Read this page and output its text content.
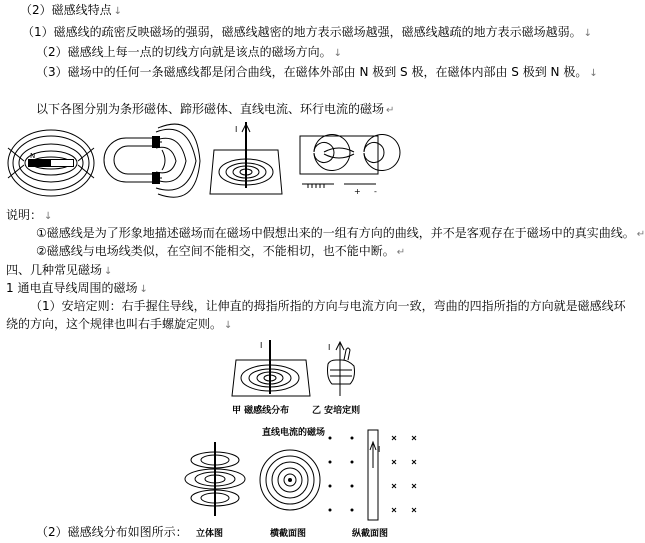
（2）磁感线特点 ↓
（1）磁感线的疏密反映磁场的强弱，磁感线越密的地方表示磁场越强，磁感线越疏的地方表示磁场越弱。 ↓
（2）磁感线上每一点的切线方向就是该点的磁场方向。 ↓
（3）磁场中的任何一条磁感线都是闭合曲线，在磁体外部由 N 极到 S 极，在磁体内部由 S 极到 N 极。 ↓
以下各图分别为条形磁体、蹄形磁体、直线电流、环行电流的磁场 ↵
说明： ↓
①磁感线是为了形象地描述磁场而在磁场中假想出来的一组有方向的曲线，并不是客观存在于磁场中的真实曲线。 ↵
②磁感线与电场线类似，在空间不能相交，不能相切，也不能中断。 ↵
四、几种常见磁场 ↓
1 通电直导线周围的磁场 ↓
（1）安培定则：右手握住导线，让伸直的拇指所指的方向与电流方向一致，弯曲的四指所指的方向就是磁感线环
绕的方向，这个规律也叫右手螺旋定则。 ↓
（2）磁感线分布如图所示：
N
I
+ -
I	I
甲 磁感线分布	乙 安培定则
直线电流的磁场
I
立体图	横截面图	纵截面图
